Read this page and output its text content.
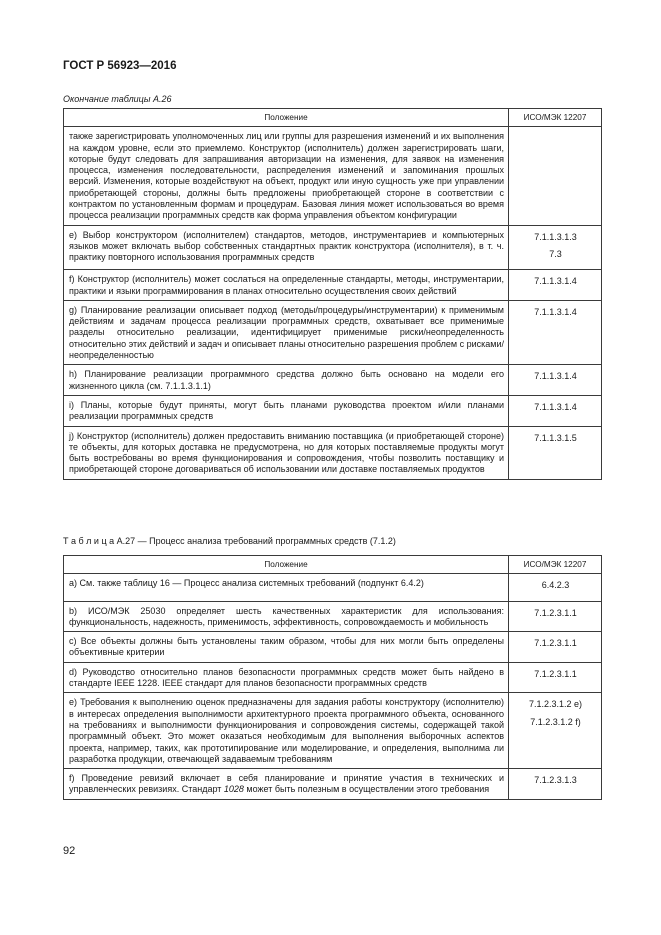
ГОСТ Р 56923—2016
Окончание таблицы А.26
Положение	ИСО/МЭК 12207
также зарегистрировать уполномоченных лиц или группы для разрешения изменений и их выполнения на каждом уровне, если это приемлемо. Конструктор (исполнитель) должен зарегистрировать шаги, которые будут следовать для запрашивания авторизации на изменения, для заявок на изменения процесса, изменения последовательности, распределения изменений и запоминания прошлых версий. Изменения, которые воздействуют на объект, продукт или иную сущность уже при управлении приобретающей стороны, должны быть предложены приобретающей стороне в соответствии с контрактом по установленным формам и процедурам. Базовая линия может использоваться во время процесса реализации программных средств как форма управления объектом конфигурации	
е) Выбор конструктором (исполнителем) стандартов, методов, инструментариев и компьютерных языков может включать выбор собственных стандартных практик конструктора (исполнителя), в т. ч. практику повторного использования программных средств	7.1.1.3.1.3
7.3

f) Конструктор (исполнитель) может сослаться на определенные стандарты, методы, инструментарии, практики и языки программирования в планах относительно осуществления своих действий	7.1.1.3.1.4

g) Планирование реализации описывает подход (методы/процедуры/инструментарии) к применимым действиям и задачам процесса реализации программных средств, охватывает все применимые разделы относительно реализации, идентифицирует применимые риски/неопределенность относительно этих действий и задач и описывает планы относительно разрешения проблем с рисками/неопределенностью	7.1.1.3.1.4

h) Планирование реализации программного средства должно быть основано на модели его жизненного цикла (см. 7.1.1.3.1.1)	7.1.1.3.1.4

i) Планы, которые будут приняты, могут быть планами руководства проектом и/или планами реализации программных средств	7.1.1.3.1.4

j) Конструктор (исполнитель) должен предоставить вниманию поставщика (и приобретающей стороне) те объекты, для которых доставка не предусмотрена, но для которых поставляемые продукты могут быть востребованы во время функционирования и сопровождения, чтобы позволить поставщику и приобретающей стороне договариваться об использовании или доставке поставляемых продуктов	7.1.1.3.1.5
Т а б л и ц а А.27 — Процесс анализа требований программных средств (7.1.2)
Положение	ИСО/МЭК 12207
а) См. также таблицу 16 — Процесс анализа системных требований (подпункт 6.4.2)	6.4.2.3

b) ИСО/МЭК 25030 определяет шесть качественных характеристик для использования: функциональность, надежность, применимость, эффективность, сопровождаемость и мобильность	7.1.2.3.1.1

с) Все объекты должны быть установлены таким образом, чтобы для них могли быть определены объективные критерии	7.1.2.3.1.1

d) Руководство относительно планов безопасности программных средств может быть найдено в стандарте IEEE 1228. IEEE стандарт для планов безопасности программных средств	7.1.2.3.1.1

е) Требования к выполнению оценок предназначены для задания работы конструктору (исполнителю) в интересах определения выполнимости архитектурного проекта программного объекта, основанного на требованиях и выполнимости функционирования и сопровождения системы, содержащей такой программный объект. Это может оказаться необходимым для выполнения выборочных аспектов проекта, например, таких, как прототипирование или моделирование, и определения, выполнима ли разработка продукции, отвечающей задаваемым требованиям	7.1.2.3.1.2 е)
7.1.2.3.1.2 f)

f) Проведение ревизий включает в себя планирование и принятие участия в технических и управленческих ревизиях. Стандарт 1028 может быть полезным в осуществлении этого требования	7.1.2.3.1.3
92
